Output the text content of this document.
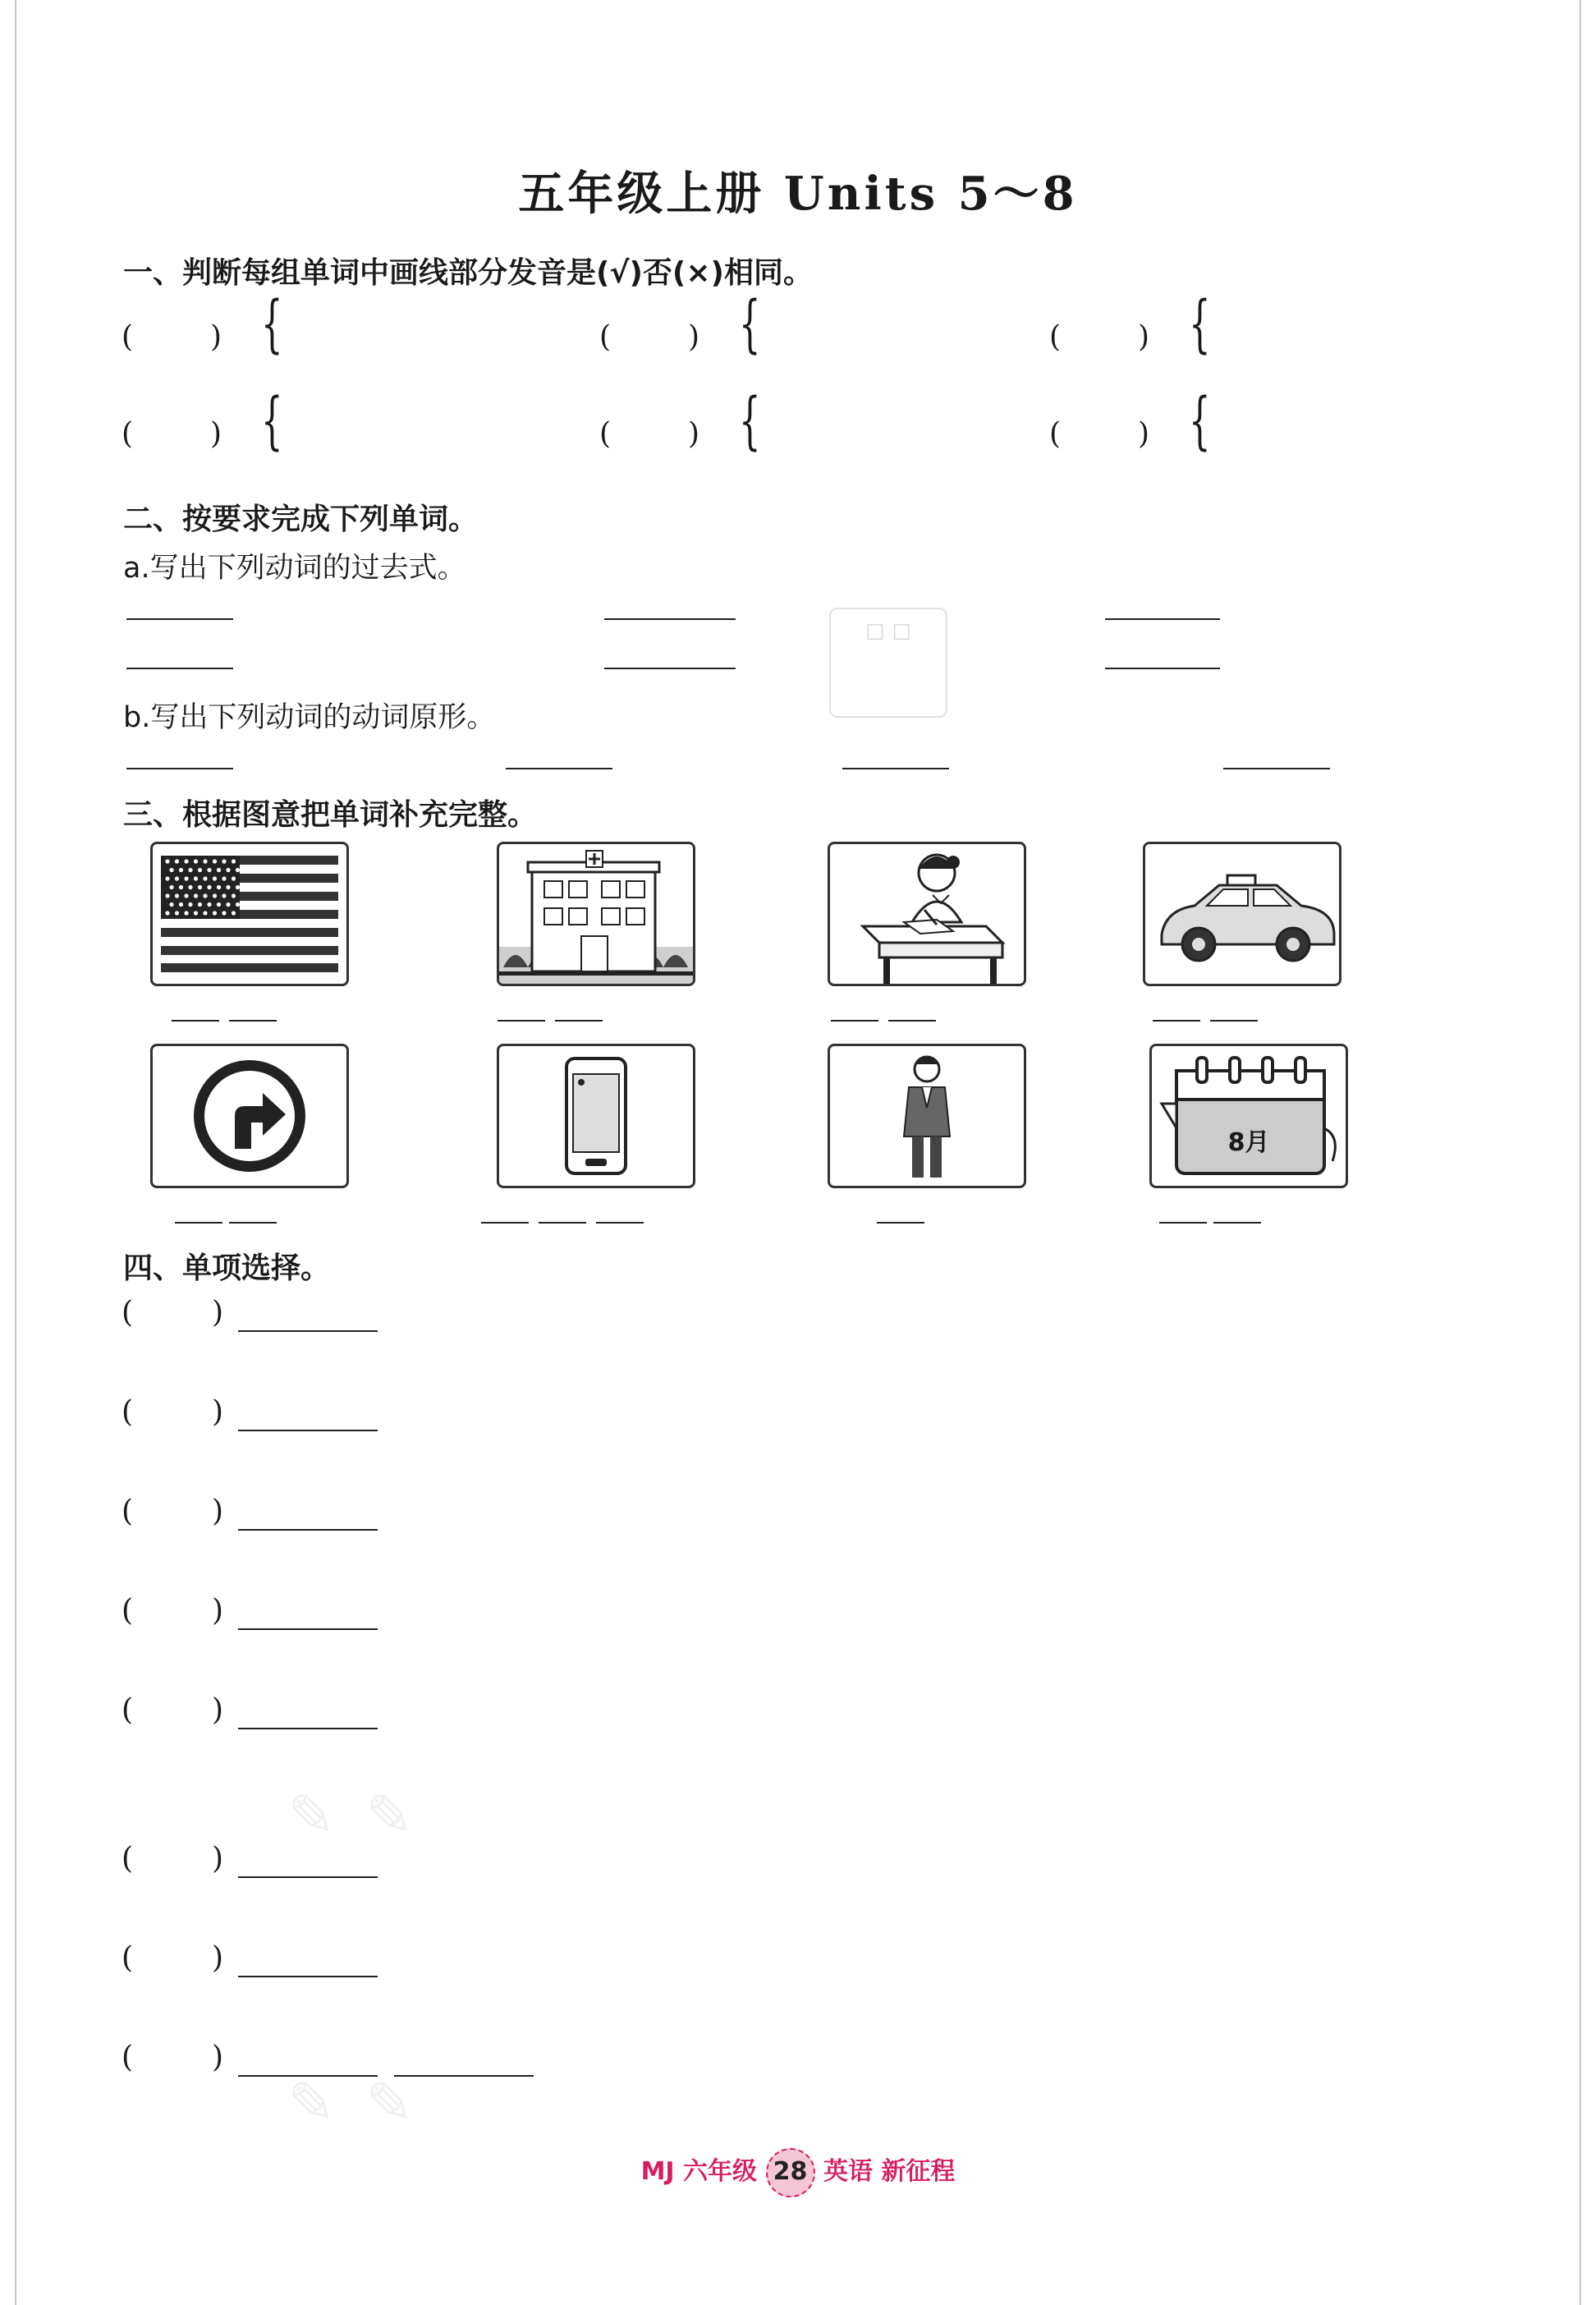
五年级上册 Units 5～8
一、判断每组单词中画线部分发音是(√)否(×)相同。
(	) {	(	) {	(	) {
(	) {	(	) {	(	) {
二、按要求完成下列单词。
a.写出下列动词的过去式。
b.写出下列动词的动词原形。
☐ ☐
三、根据图意把单词补充完整。
8月
四、单项选择。
(	)

(	)

(	)

(	)

(	)

(	)

(	)

(	)

✎ ✎
✎ ✎
MJ 六年级 28 英语 新征程
